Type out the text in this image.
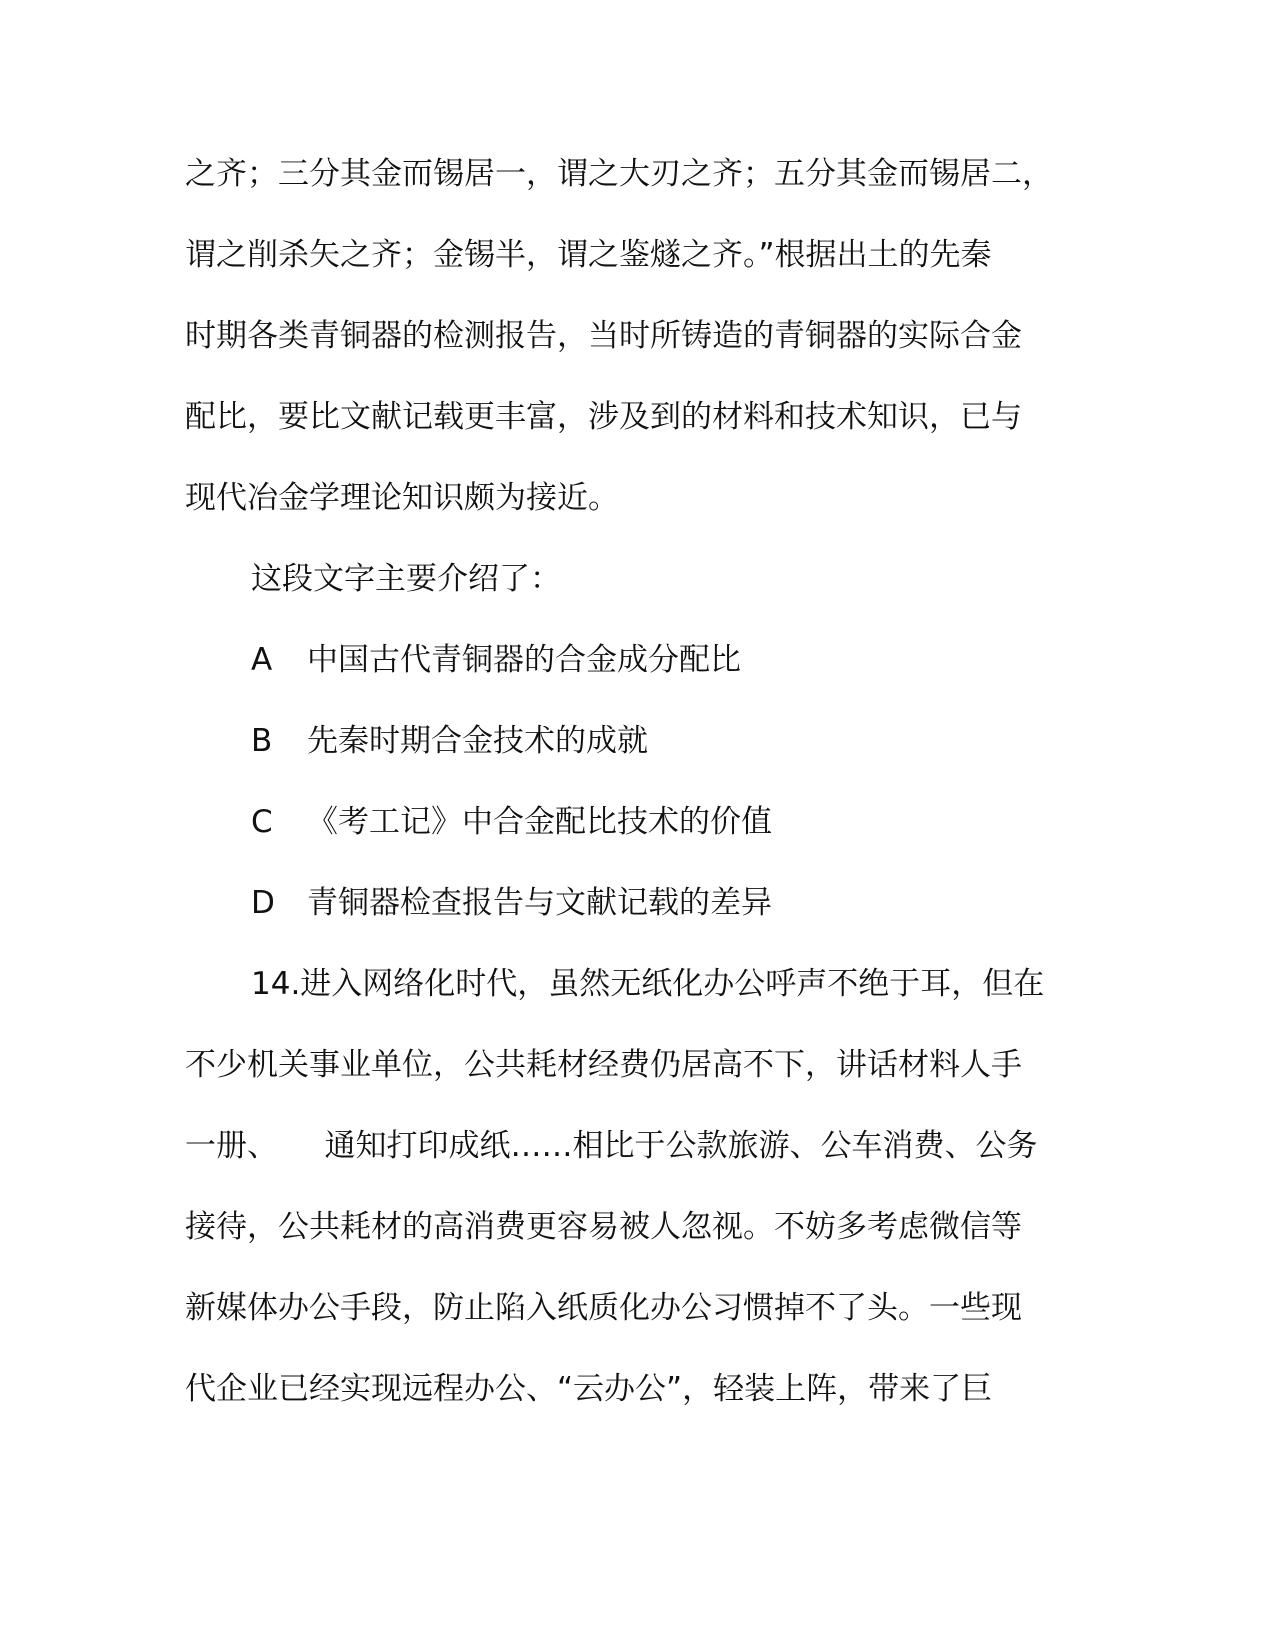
之齐；三分其金而锡居一，谓之大刃之齐；五分其金而锡居二，
谓之削杀矢之齐；金锡半，谓之鉴燧之齐。”根据出土的先秦
时期各类青铜器的检测报告，当时所铸造的青铜器的实际合金
配比，要比文献记载更丰富，涉及到的材料和技术知识，已与
现代冶金学理论知识颇为接近。
这段文字主要介绍了：
A 中国古代青铜器的合金成分配比
B 先秦时期合金技术的成就
C 《考工记》中合金配比技术的价值
D 青铜器检查报告与文献记载的差异
14.进入网络化时代，虽然无纸化办公呼声不绝于耳，但在
不少机关事业单位，公共耗材经费仍居高不下，讲话材料人手
一册、　　通知打印成纸……相比于公款旅游、公车消费、公务
接待，公共耗材的高消费更容易被人忽视。不妨多考虑微信等
新媒体办公手段，防止陷入纸质化办公习惯掉不了头。一些现
代企业已经实现远程办公、“云办公”，轻装上阵，带来了巨
